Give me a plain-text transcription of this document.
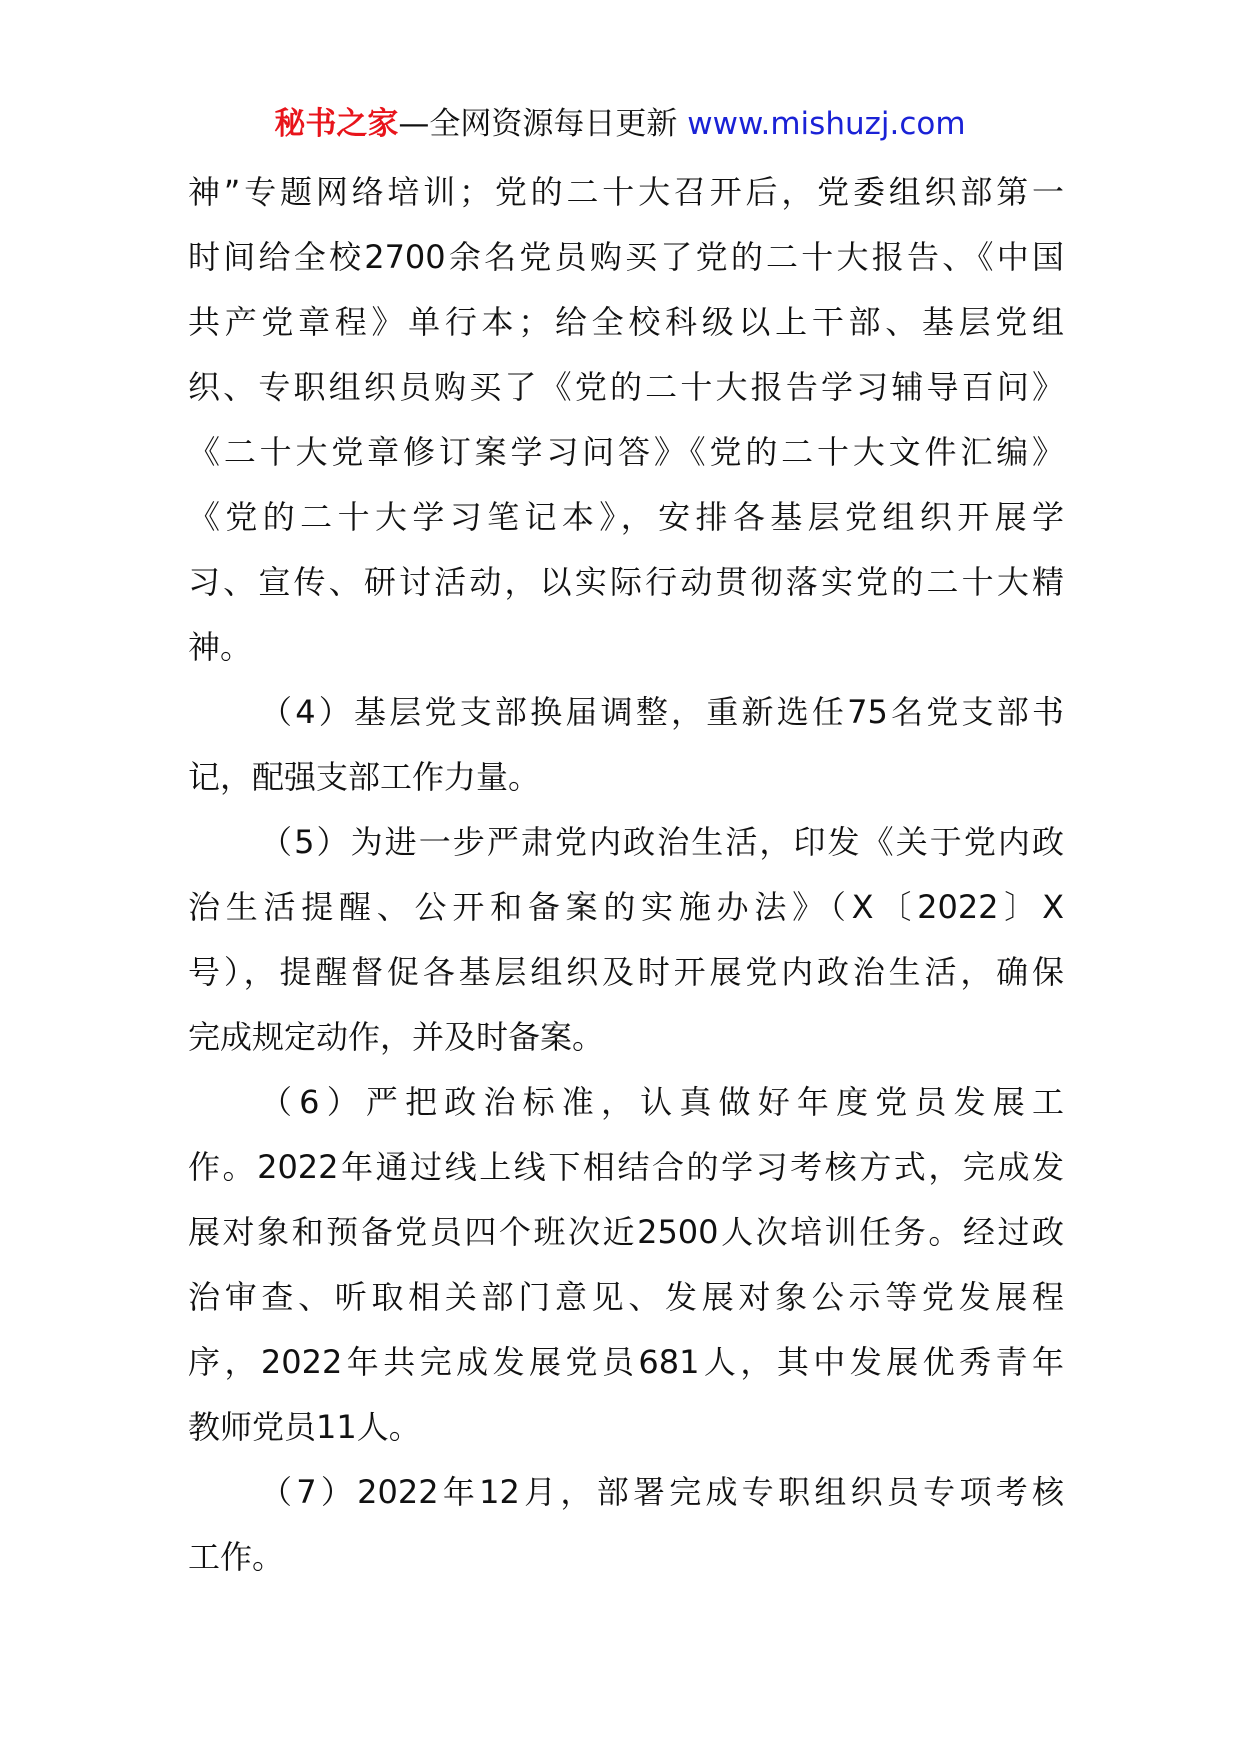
秘书之家—全网资源每日更新 www.mishuzj.com
神”专题网络培训；党的二十大召开后，党委组织部第一
时间给全校2700余名党员购买了党的二十大报告、《中国
共产党章程》单行本；给全校科级以上干部、基层党组
织、专职组织员购买了《党的二十大报告学习辅导百问》
《二十大党章修订案学习问答》《党的二十大文件汇编》
《党的二十大学习笔记本》，安排各基层党组织开展学
习、宣传、研讨活动，以实际行动贯彻落实党的二十大精
神。
（4）基层党支部换届调整，重新选任75名党支部书
记，配强支部工作力量。
（5）为进一步严肃党内政治生活，印发《关于党内政
治生活提醒、公开和备案的实施办法》（X〔2022〕X
号），提醒督促各基层组织及时开展党内政治生活，确保
完成规定动作，并及时备案。
（6）严把政治标准，认真做好年度党员发展工
作。2022年通过线上线下相结合的学习考核方式，完成发
展对象和预备党员四个班次近2500人次培训任务。经过政
治审查、听取相关部门意见、发展对象公示等党发展程
序，2022年共完成发展党员681人，其中发展优秀青年
教师党员11人。
（7）2022年12月，部署完成专职组织员专项考核
工作。
